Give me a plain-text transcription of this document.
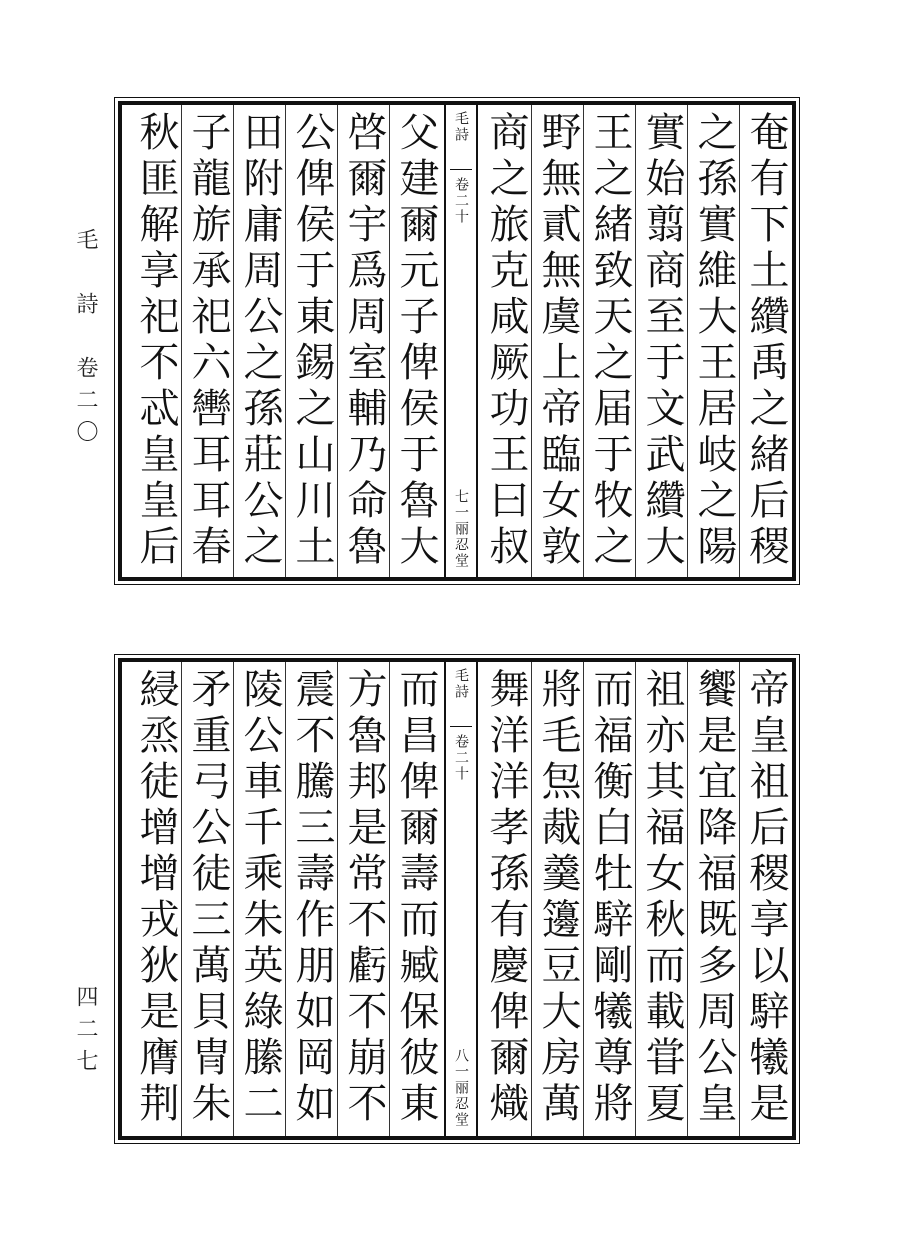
毛　詩　卷二〇
四二七
奄有下土纘禹之緒后稷
之孫實維大王居岐之陽
實始翦商至于文武纘大
王之緒致天之届于牧之
野無貳無虞上帝臨女敦
商之旅克咸厥功王曰叔
毛詩
卷二十
七一丽忍堂
父建爾元子俾侯于魯大
啓爾宇爲周室輔乃命魯
公俾侯于東錫之山川土
田附庸周公之孫莊公之
子龍旂承祀六轡耳耳春
秋匪解享祀不忒皇皇后
帝皇祖后稷享以騂犧是
饗是宜降福既多周公皇
祖亦其福女秋而載甞夏
而福衡白牡騂剛犧尊將
將毛炰胾羹籩豆大房萬
舞洋洋孝孫有慶俾爾熾
毛詩
卷二十
八一丽忍堂
而昌俾爾壽而臧保彼東
方魯邦是常不虧不崩不
震不騰三壽作朋如岡如
陵公車千乘朱英綠縢二
矛重弓公徒三萬貝冑朱
綅烝徒增增戎狄是膺荆
